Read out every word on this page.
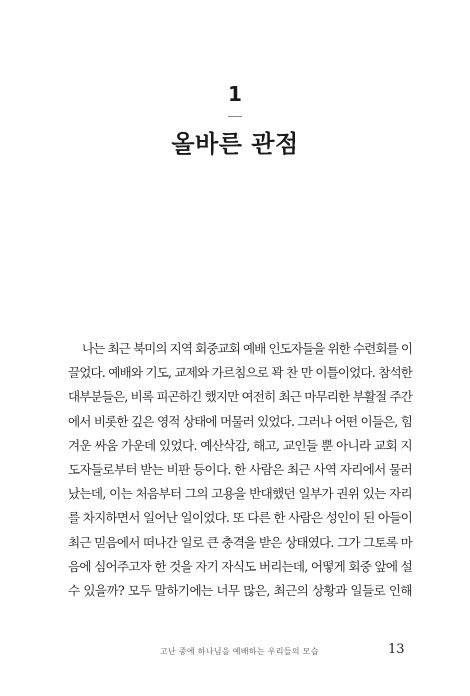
1
올바른 관점
나는 최근 북미의 지역 회중교회 예배 인도자들을 위한 수련회를 이
끌었다. 예배와 기도, 교제와 가르침으로 꽉 찬 만 이틀이었다. 참석한
대부분들은, 비록 피곤하긴 했지만 여전히 최근 마무리한 부활절 주간
에서 비롯한 깊은 영적 상태에 머물러 있었다. 그러나 어떤 이들은, 힘
겨운 싸움 가운데 있었다. 예산삭감, 해고, 교인들 뿐 아니라 교회 지
도자들로부터 받는 비판 등이다. 한 사람은 최근 사역 자리에서 물러
났는데, 이는 처음부터 그의 고용을 반대했던 일부가 권위 있는 자리
를 차지하면서 일어난 일이었다. 또 다른 한 사람은 성인이 된 아들이
최근 믿음에서 떠나간 일로 큰 충격을 받은 상태였다. 그가 그토록 마
음에 심어주고자 한 것을 자기 자식도 버리는데, 어떻게 회중 앞에 설
수 있을까? 모두 말하기에는 너무 많은, 최근의 상황과 일들로 인해
고난 중에 하나님을 예배하는 우리들의 모습	13
